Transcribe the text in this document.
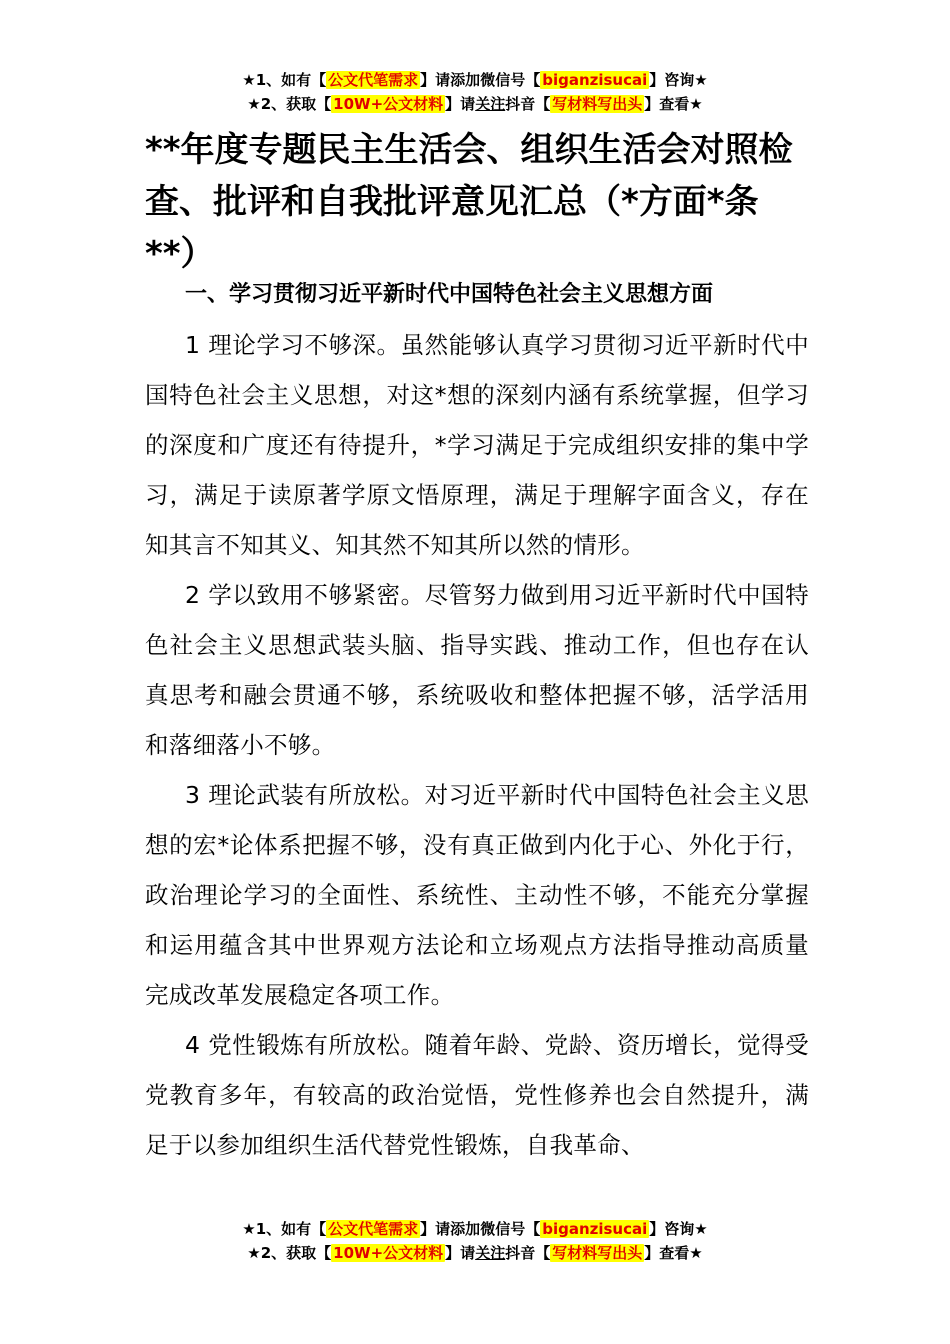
★1、如有【 公文代笔需求 】请添加微信号【 biganzisucai 】咨询★
★2、获取【 10W+公文材料 】请关注抖音【 写材料写出头 】查看★
**年度专题民主生活会、组织生活会对照检查、批评和自我批评意见汇总（*方面*条 **）
一、学习贯彻习近平新时代中国特色社会主义思想方面

1 理论学习不够深。虽然能够认真学习贯彻习近平新时代中国特色社会主义思想，对这*想的深刻内涵有系统掌握，但学习的深度和广度还有待提升，*学习满足于完成组织安排的集中学习，满足于读原著学原文悟原理，满足于理解字面含义，存在知其言不知其义、知其然不知其所以然的情形。

2 学以致用不够紧密。尽管努力做到用习近平新时代中国特色社会主义思想武装头脑、指导实践、推动工作，但也存在认真思考和融会贯通不够，系统吸收和整体把握不够，活学活用和落细落小不够。

3 理论武装有所放松。对习近平新时代中国特色社会主义思想的宏*论体系把握不够，没有真正做到内化于心、外化于行，政治理论学习的全面性、系统性、主动性不够，不能充分掌握和运用蕴含其中世界观方法论和立场观点方法指导推动高质量完成改革发展稳定各项工作。

4 党性锻炼有所放松。随着年龄、党龄、资历增长，觉得受党教育多年，有较高的政治觉悟，党性修养也会自然提升，满足于以参加组织生活代替党性锻炼，自我革命、

★1、如有【 公文代笔需求 】请添加微信号【 biganzisucai 】咨询★
★2、获取【 10W+公文材料 】请关注抖音【 写材料写出头 】查看★
